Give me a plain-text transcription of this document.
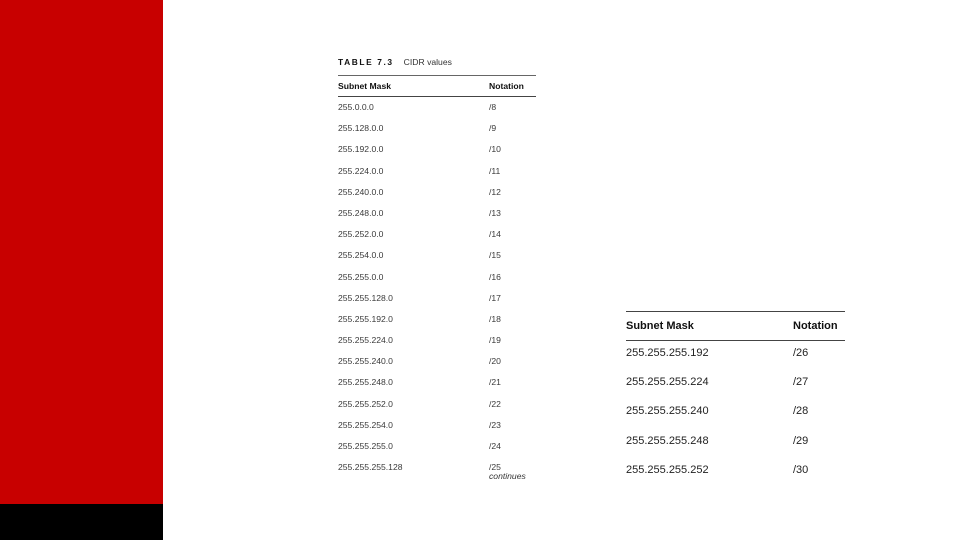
TABLE 7.3 CIDR values
Subnet Mask	Notation
255.0.0.0	/8
255.128.0.0	/9
255.192.0.0	/10
255.224.0.0	/11
255.240.0.0	/12
255.248.0.0	/13
255.252.0.0	/14
255.254.0.0	/15
255.255.0.0	/16
255.255.128.0	/17
255.255.192.0	/18
255.255.224.0	/19
255.255.240.0	/20
255.255.248.0	/21
255.255.252.0	/22
255.255.254.0	/23
255.255.255.0	/24
255.255.255.128	/25
continues
Subnet Mask	Notation
255.255.255.192	/26
255.255.255.224	/27
255.255.255.240	/28
255.255.255.248	/29
255.255.255.252	/30
